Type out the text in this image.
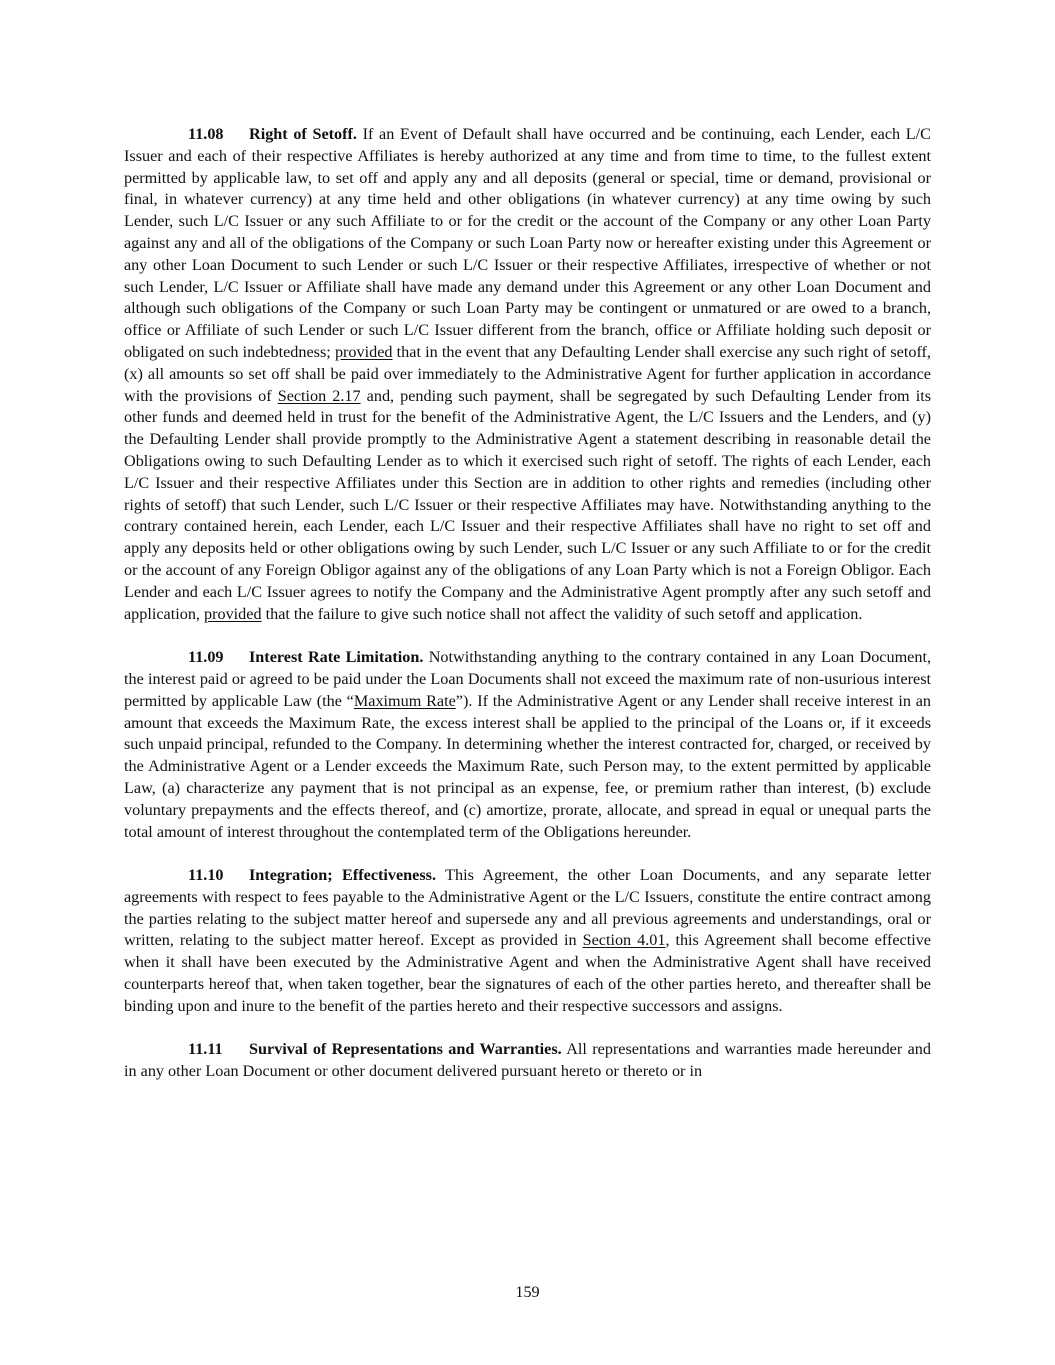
11.08 Right of Setoff. If an Event of Default shall have occurred and be continuing, each Lender, each L/C Issuer and each of their respective Affiliates is hereby authorized at any time and from time to time, to the fullest extent permitted by applicable law, to set off and apply any and all deposits (general or special, time or demand, provisional or final, in whatever currency) at any time held and other obligations (in whatever currency) at any time owing by such Lender, such L/C Issuer or any such Affiliate to or for the credit or the account of the Company or any other Loan Party against any and all of the obligations of the Company or such Loan Party now or hereafter existing under this Agreement or any other Loan Document to such Lender or such L/C Issuer or their respective Affiliates, irrespective of whether or not such Lender, L/C Issuer or Affiliate shall have made any demand under this Agreement or any other Loan Document and although such obligations of the Company or such Loan Party may be contingent or unmatured or are owed to a branch, office or Affiliate of such Lender or such L/C Issuer different from the branch, office or Affiliate holding such deposit or obligated on such indebtedness; provided that in the event that any Defaulting Lender shall exercise any such right of setoff, (x) all amounts so set off shall be paid over immediately to the Administrative Agent for further application in accordance with the provisions of Section 2.17 and, pending such payment, shall be segregated by such Defaulting Lender from its other funds and deemed held in trust for the benefit of the Administrative Agent, the L/C Issuers and the Lenders, and (y) the Defaulting Lender shall provide promptly to the Administrative Agent a statement describing in reasonable detail the Obligations owing to such Defaulting Lender as to which it exercised such right of setoff. The rights of each Lender, each L/C Issuer and their respective Affiliates under this Section are in addition to other rights and remedies (including other rights of setoff) that such Lender, such L/C Issuer or their respective Affiliates may have. Notwithstanding anything to the contrary contained herein, each Lender, each L/C Issuer and their respective Affiliates shall have no right to set off and apply any deposits held or other obligations owing by such Lender, such L/C Issuer or any such Affiliate to or for the credit or the account of any Foreign Obligor against any of the obligations of any Loan Party which is not a Foreign Obligor. Each Lender and each L/C Issuer agrees to notify the Company and the Administrative Agent promptly after any such setoff and application, provided that the failure to give such notice shall not affect the validity of such setoff and application.

11.09 Interest Rate Limitation. Notwithstanding anything to the contrary contained in any Loan Document, the interest paid or agreed to be paid under the Loan Documents shall not exceed the maximum rate of non-usurious interest permitted by applicable Law (the “Maximum Rate”). If the Administrative Agent or any Lender shall receive interest in an amount that exceeds the Maximum Rate, the excess interest shall be applied to the principal of the Loans or, if it exceeds such unpaid principal, refunded to the Company. In determining whether the interest contracted for, charged, or received by the Administrative Agent or a Lender exceeds the Maximum Rate, such Person may, to the extent permitted by applicable Law, (a) characterize any payment that is not principal as an expense, fee, or premium rather than interest, (b) exclude voluntary prepayments and the effects thereof, and (c) amortize, prorate, allocate, and spread in equal or unequal parts the total amount of interest throughout the contemplated term of the Obligations hereunder.

11.10 Integration; Effectiveness. This Agreement, the other Loan Documents, and any separate letter agreements with respect to fees payable to the Administrative Agent or the L/C Issuers, constitute the entire contract among the parties relating to the subject matter hereof and supersede any and all previous agreements and understandings, oral or written, relating to the subject matter hereof. Except as provided in Section 4.01, this Agreement shall become effective when it shall have been executed by the Administrative Agent and when the Administrative Agent shall have received counterparts hereof that, when taken together, bear the signatures of each of the other parties hereto, and thereafter shall be binding upon and inure to the benefit of the parties hereto and their respective successors and assigns.

11.11 Survival of Representations and Warranties. All representations and warranties made hereunder and in any other Loan Document or other document delivered pursuant hereto or thereto or in

159
